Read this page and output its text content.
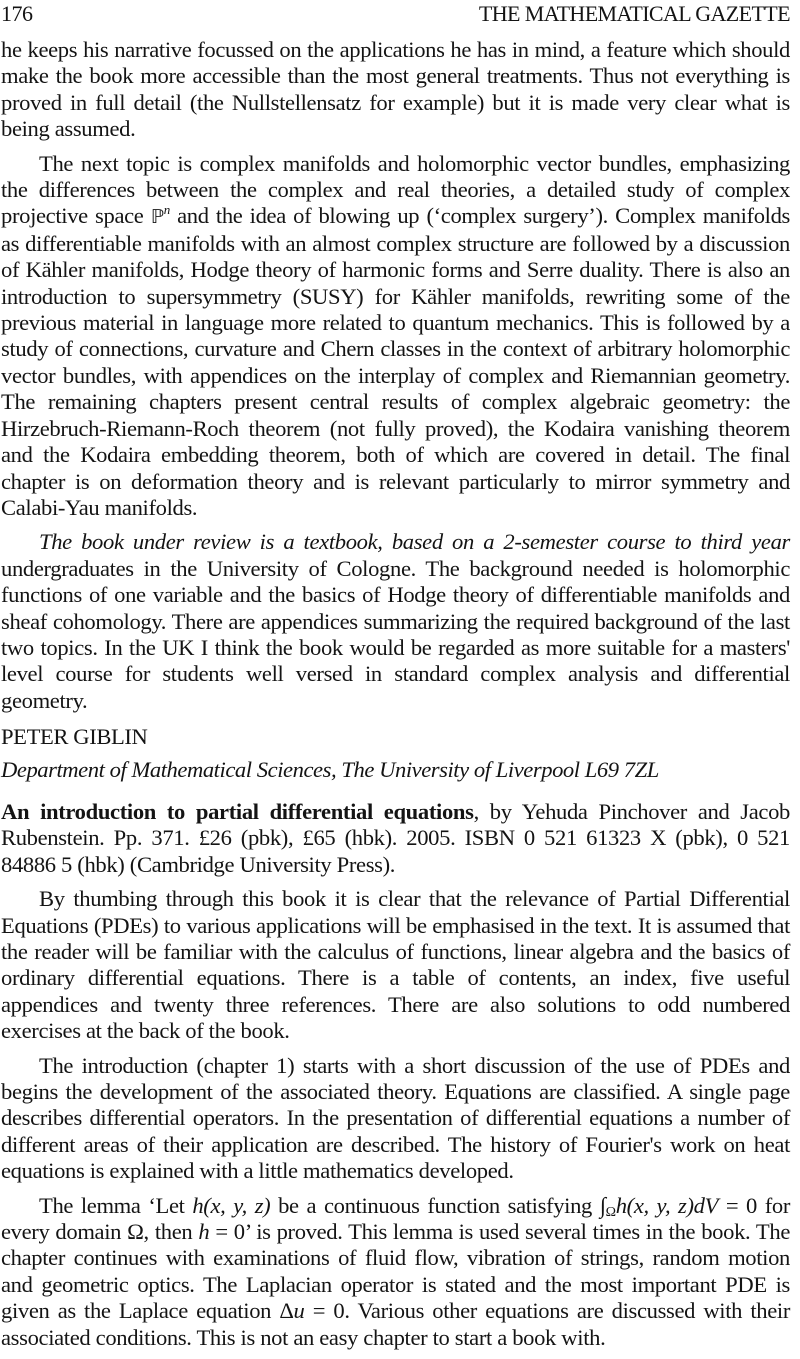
176	THE MATHEMATICAL GAZETTE

he keeps his narrative focussed on the applications he has in mind, a feature which should make the book more accessible than the most general treatments. Thus not everything is proved in full detail (the Nullstellensatz for example) but it is made very clear what is being assumed.

The next topic is complex manifolds and holomorphic vector bundles, emphasizing the differences between the complex and real theories, a detailed study of complex projective space ℙ$^n$ and the idea of blowing up (‘complex surgery’). Complex manifolds as differentiable manifolds with an almost complex structure are followed by a discussion of Kähler manifolds, Hodge theory of harmonic forms and Serre duality. There is also an introduction to supersymmetry (SUSY) for Kähler manifolds, rewriting some of the previous material in language more related to quantum mechanics. This is followed by a study of connections, curvature and Chern classes in the context of arbitrary holomorphic vector bundles, with appendices on the interplay of complex and Riemannian geometry. The remaining chapters present central results of complex algebraic geometry: the Hirzebruch-Riemann-Roch theorem (not fully proved), the Kodaira vanishing theorem and the Kodaira embedding theorem, both of which are covered in detail. The final chapter is on deformation theory and is relevant particularly to mirror symmetry and Calabi-Yau manifolds.

The book under review is a textbook, based on a 2-semester course to third year undergraduates in the University of Cologne. The background needed is holomorphic functions of one variable and the basics of Hodge theory of differentiable manifolds and sheaf cohomology. There are appendices summarizing the required background of the last two topics. In the UK I think the book would be regarded as more suitable for a masters' level course for students well versed in standard complex analysis and differential geometry.

PETER GIBLIN

Department of Mathematical Sciences, The University of Liverpool L69 7ZL

An introduction to partial differential equations, by Yehuda Pinchover and Jacob Rubenstein. Pp. 371. £26 (pbk), £65 (hbk). 2005. ISBN 0 521 61323 X (pbk), 0 521 84886 5 (hbk) (Cambridge University Press).

By thumbing through this book it is clear that the relevance of Partial Differential Equations (PDEs) to various applications will be emphasised in the text. It is assumed that the reader will be familiar with the calculus of functions, linear algebra and the basics of ordinary differential equations. There is a table of contents, an index, five useful appendices and twenty three references. There are also solutions to odd numbered exercises at the back of the book.

The introduction (chapter 1) starts with a short discussion of the use of PDEs and begins the development of the associated theory. Equations are classified. A single page describes differential operators. In the presentation of differential equations a number of different areas of their application are described. The history of Fourier's work on heat equations is explained with a little mathematics developed.

The lemma ‘Let h(x, y, z) be a continuous function satisfying $\int_\Omega h(x$, y, z)dV = 0 for every domain Ω, then h = 0’ is proved. This lemma is used several times in the book. The chapter continues with examinations of fluid flow, vibration of strings, random motion and geometric optics. The Laplacian operator is stated and the most important PDE is given as the Laplace equation Δu = 0. Various other equations are discussed with their associated conditions. This is not an easy chapter to start a book with.
